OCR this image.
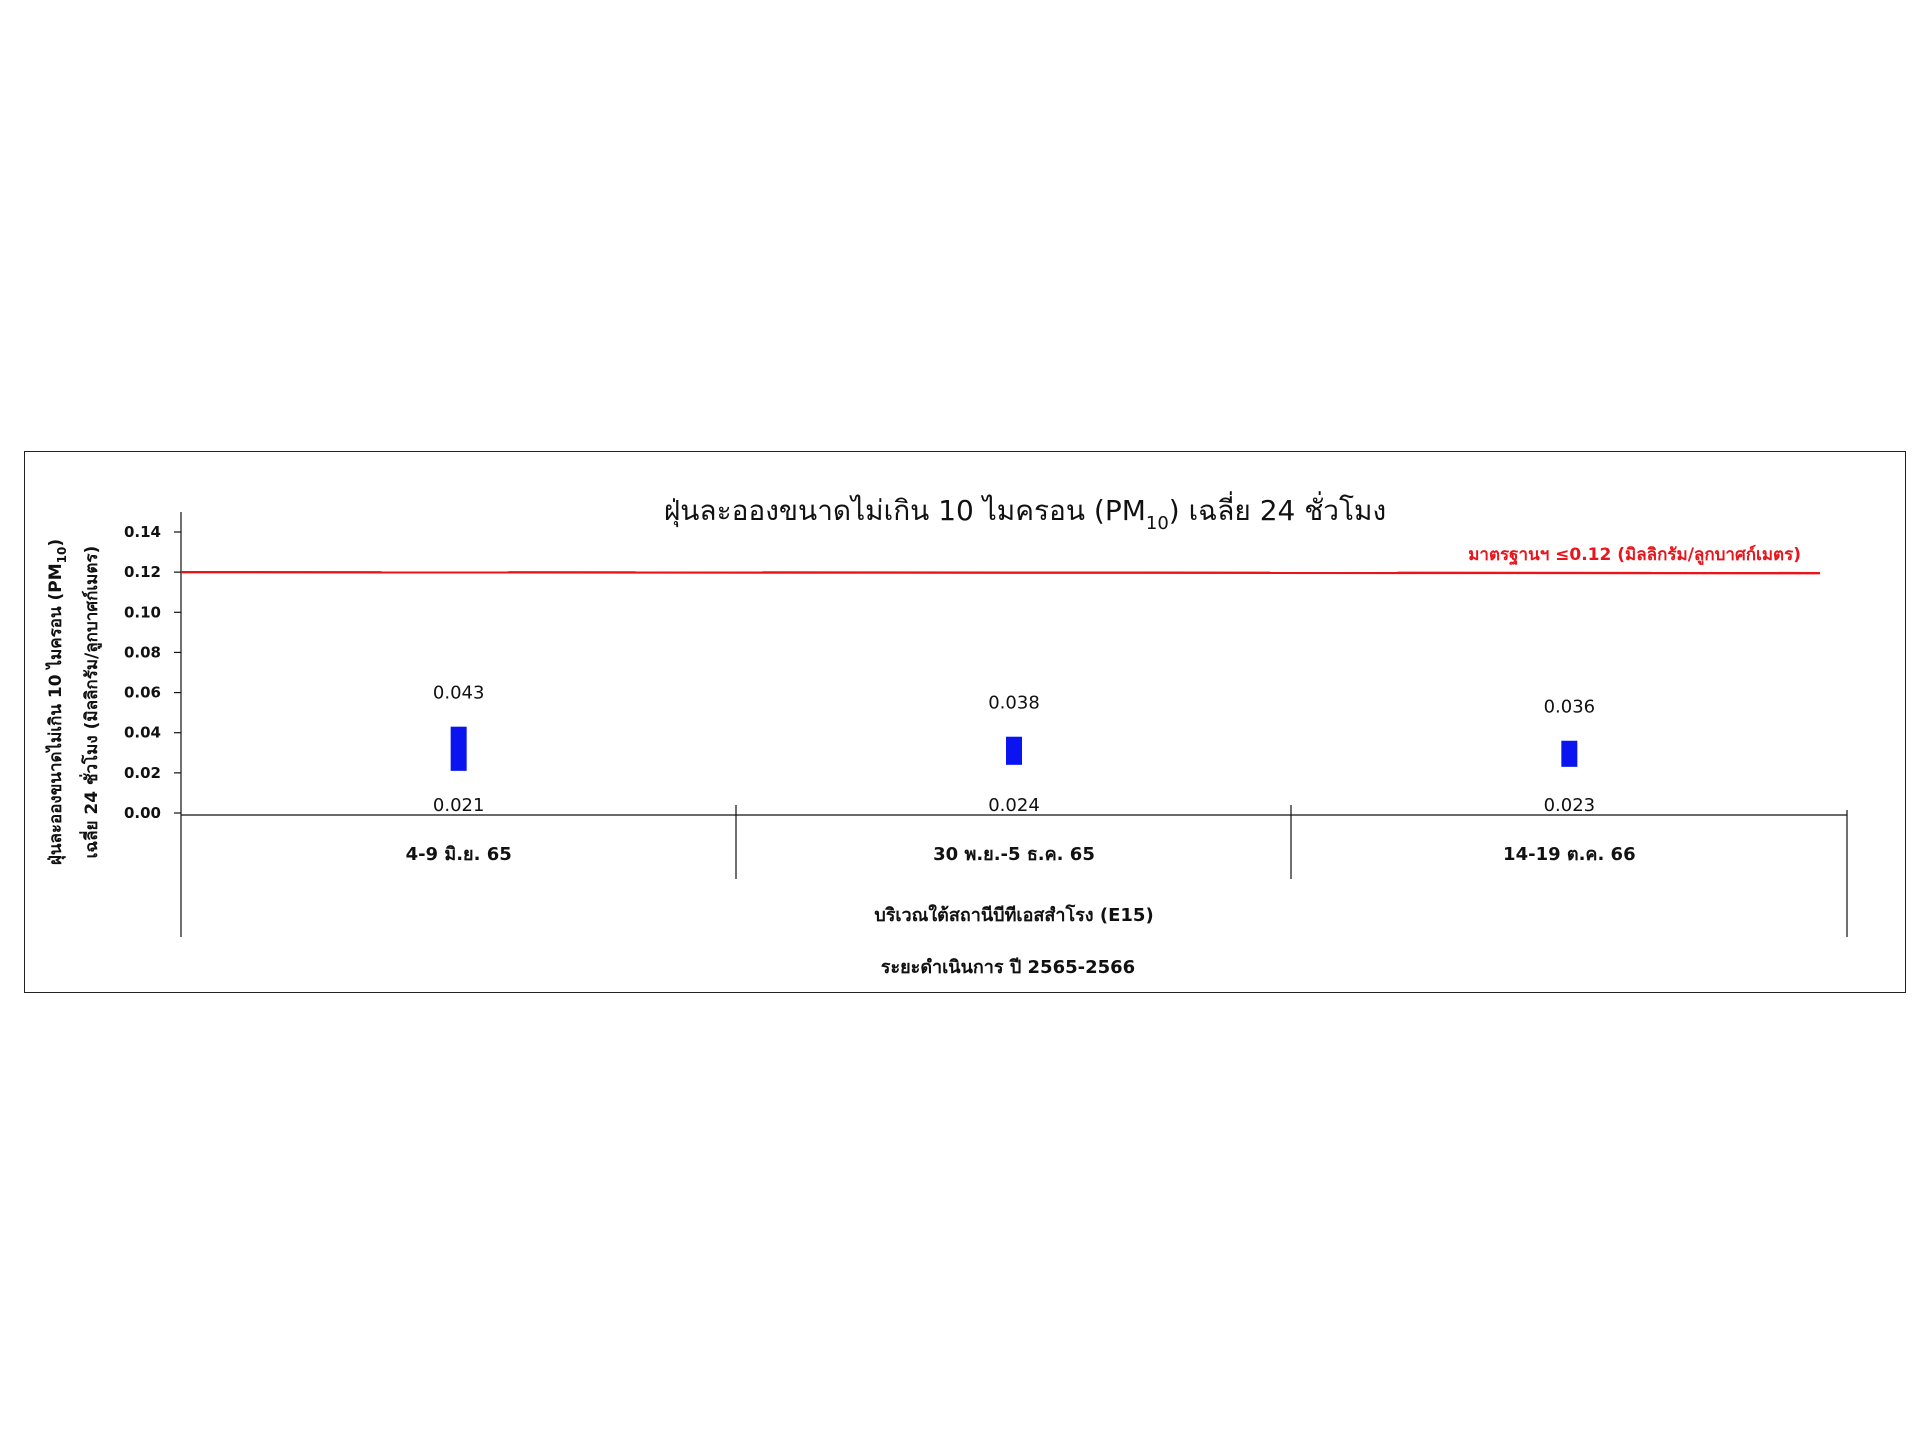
ฝุ่นละอองขนาดไม่เกิน 10 ไมครอน $(PM_{10})$ เฉลี่ย 24 ชั่วโมง
ฝุ่นละอองขนาดไม่เกิน 10 ไมครอน $(PM_{10})$
เฉลี่ย 24 ชั่วโมง (มิลลิกรัม/ลูกบาศก์เมตร) 0.00
0.02
0.04
0.06
0.08
0.10
0.12
0.14
0.043
0.021
0.038
0.024
0.036
0.023
4-9 มิ.ย. 65	30 พ.ย.-5 ธ.ค. 65	14-19 ต.ค. 66
มาตรฐานฯ ≤0.12 (มิลลิกรัม/ลูกบาศก์เมตร)
บริเวณใต้สถานีบีทีเอสสำโรง (E15)
ระยะดำเนินการ ปี 2565-2566
